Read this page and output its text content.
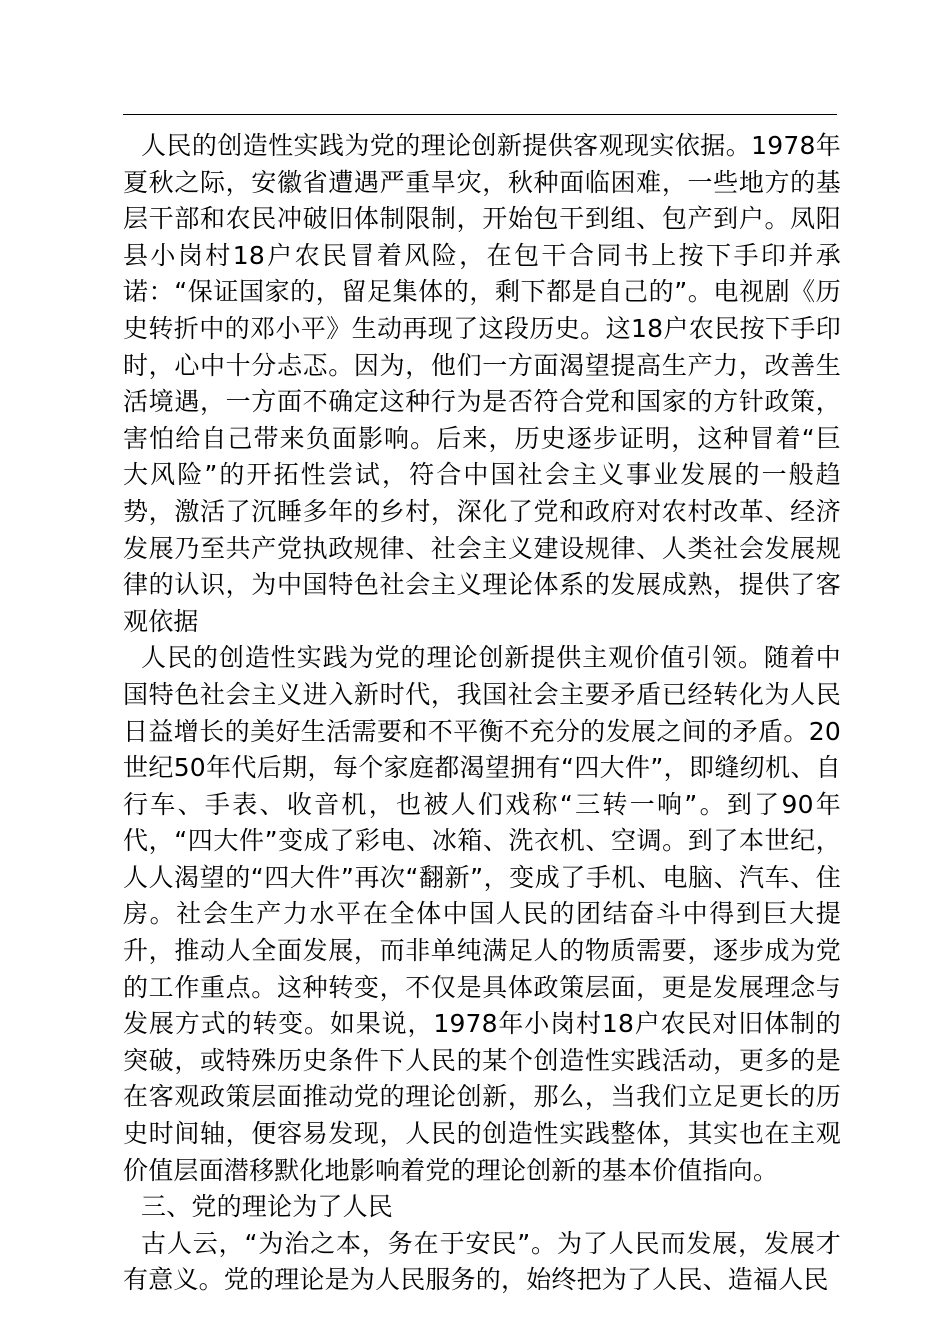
人民的创造性实践为党的理论创新提供客观现实依据。1978年夏秋之际，安徽省遭遇严重旱灾，秋种面临困难，一些地方的基层干部和农民冲破旧体制限制，开始包干到组、包产到户。凤阳县小岗村18户农民冒着风险，在包干合同书上按下手印并承诺：“保证国家的，留足集体的，剩下都是自己的”。电视剧《历史转折中的邓小平》生动再现了这段历史。这18户农民按下手印时，心中十分忐忑。因为，他们一方面渴望提高生产力，改善生活境遇，一方面不确定这种行为是否符合党和国家的方针政策，害怕给自己带来负面影响。后来，历史逐步证明，这种冒着“巨大风险”的开拓性尝试，符合中国社会主义事业发展的一般趋势，激活了沉睡多年的乡村，深化了党和政府对农村改革、经济发展乃至共产党执政规律、社会主义建设规律、人类社会发展规律的认识，为中国特色社会主义理论体系的发展成熟，提供了客观依据

人民的创造性实践为党的理论创新提供主观价值引领。随着中国特色社会主义进入新时代，我国社会主要矛盾已经转化为人民日益增长的美好生活需要和不平衡不充分的发展之间的矛盾。20世纪50年代后期，每个家庭都渴望拥有“四大件”，即缝纫机、自行车、手表、收音机，也被人们戏称“三转一响”。到了90年代，“四大件”变成了彩电、冰箱、洗衣机、空调。到了本世纪，人人渴望的“四大件”再次“翻新”，变成了手机、电脑、汽车、住房。社会生产力水平在全体中国人民的团结奋斗中得到巨大提升，推动人全面发展，而非单纯满足人的物质需要，逐步成为党的工作重点。这种转变，不仅是具体政策层面，更是发展理念与发展方式的转变。如果说，1978年小岗村18户农民对旧体制的突破，或特殊历史条件下人民的某个创造性实践活动，更多的是在客观政策层面推动党的理论创新，那么，当我们立足更长的历史时间轴，便容易发现，人民的创造性实践整体，其实也在主观价值层面潜移默化地影响着党的理论创新的基本价值指向。

三、党的理论为了人民

古人云，“为治之本，务在于安民”。为了人民而发展，发展才有意义。党的理论是为人民服务的，始终把为了人民、造福人民
